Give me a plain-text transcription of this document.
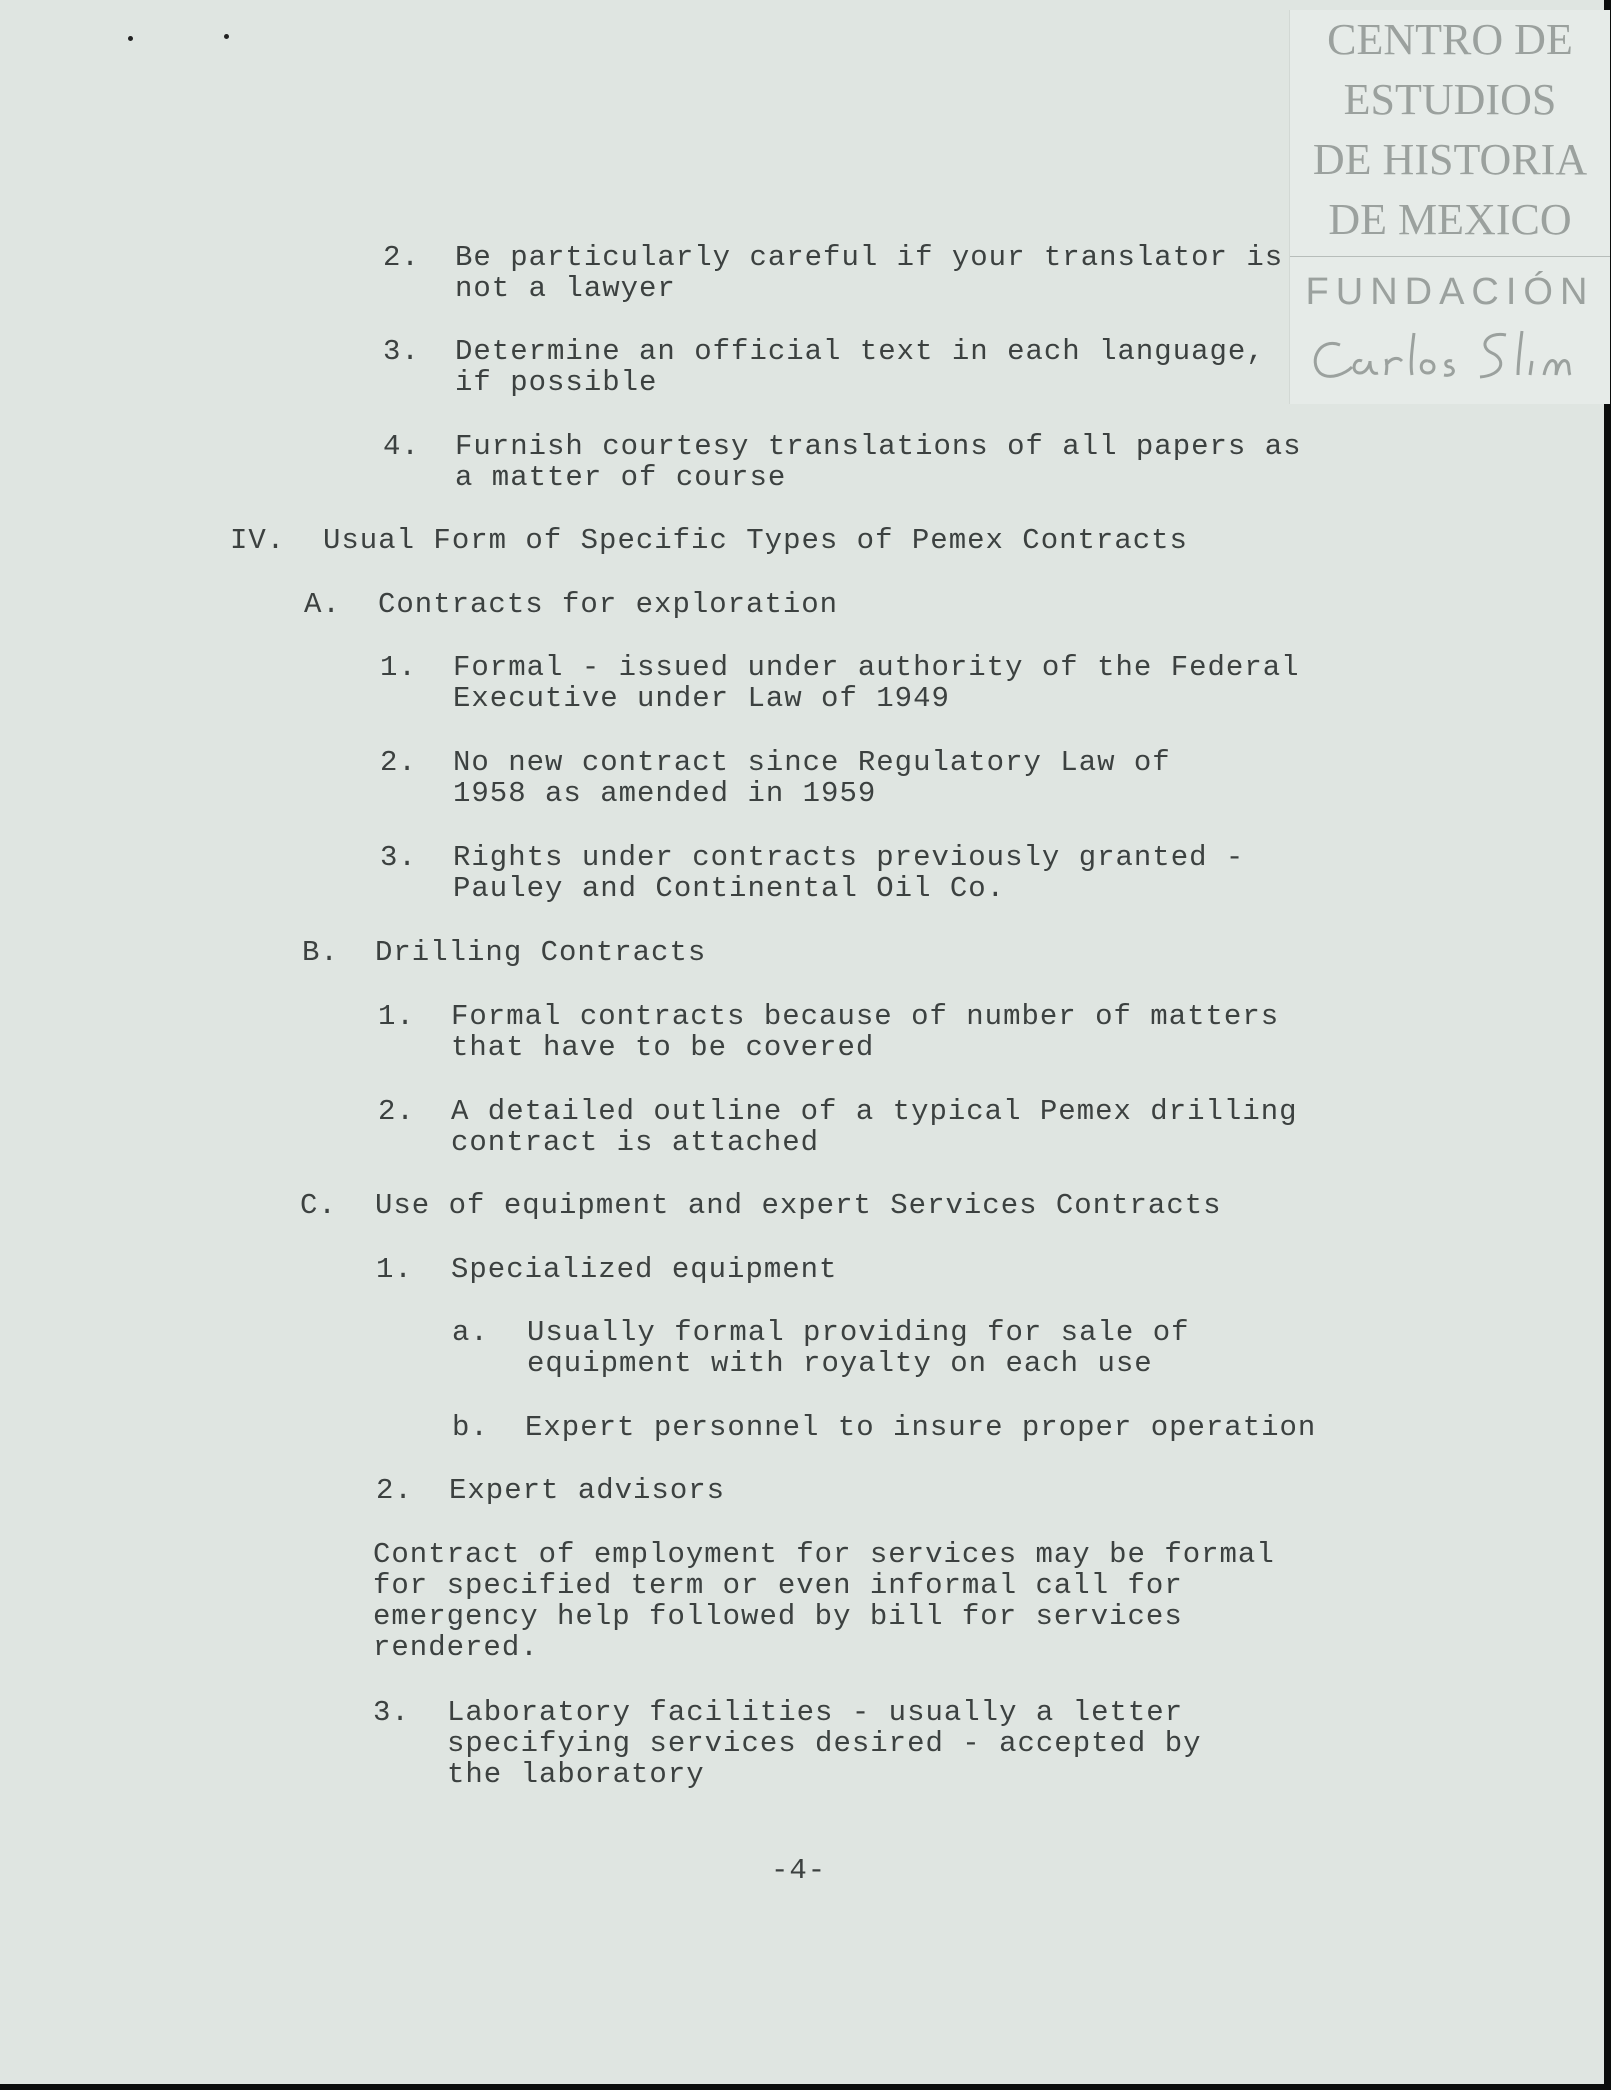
CENTRO DE
ESTUDIOS
DE HISTORIA
DE MEXICO
FUNDACIÓN
2. Be particularly careful if your translator is
not a lawyer
3. Determine an official text in each language,
if possible
4. Furnish courtesy translations of all papers as
a matter of course
IV. Usual Form of Specific Types of Pemex Contracts
A. Contracts for exploration
1. Formal - issued under authority of the Federal
Executive under Law of 1949
2. No new contract since Regulatory Law of
1958 as amended in 1959
3. Rights under contracts previously granted -
Pauley and Continental Oil Co.
B. Drilling Contracts
1. Formal contracts because of number of matters
that have to be covered
2. A detailed outline of a typical Pemex drilling
contract is attached
C. Use of equipment and expert Services Contracts
1. Specialized equipment
a. Usually formal providing for sale of
equipment with royalty on each use
b. Expert personnel to insure proper operation
2. Expert advisors
Contract of employment for services may be formal
for specified term or even informal call for
emergency help followed by bill for services
rendered.
3. Laboratory facilities - usually a letter
specifying services desired - accepted by
the laboratory
-4-
